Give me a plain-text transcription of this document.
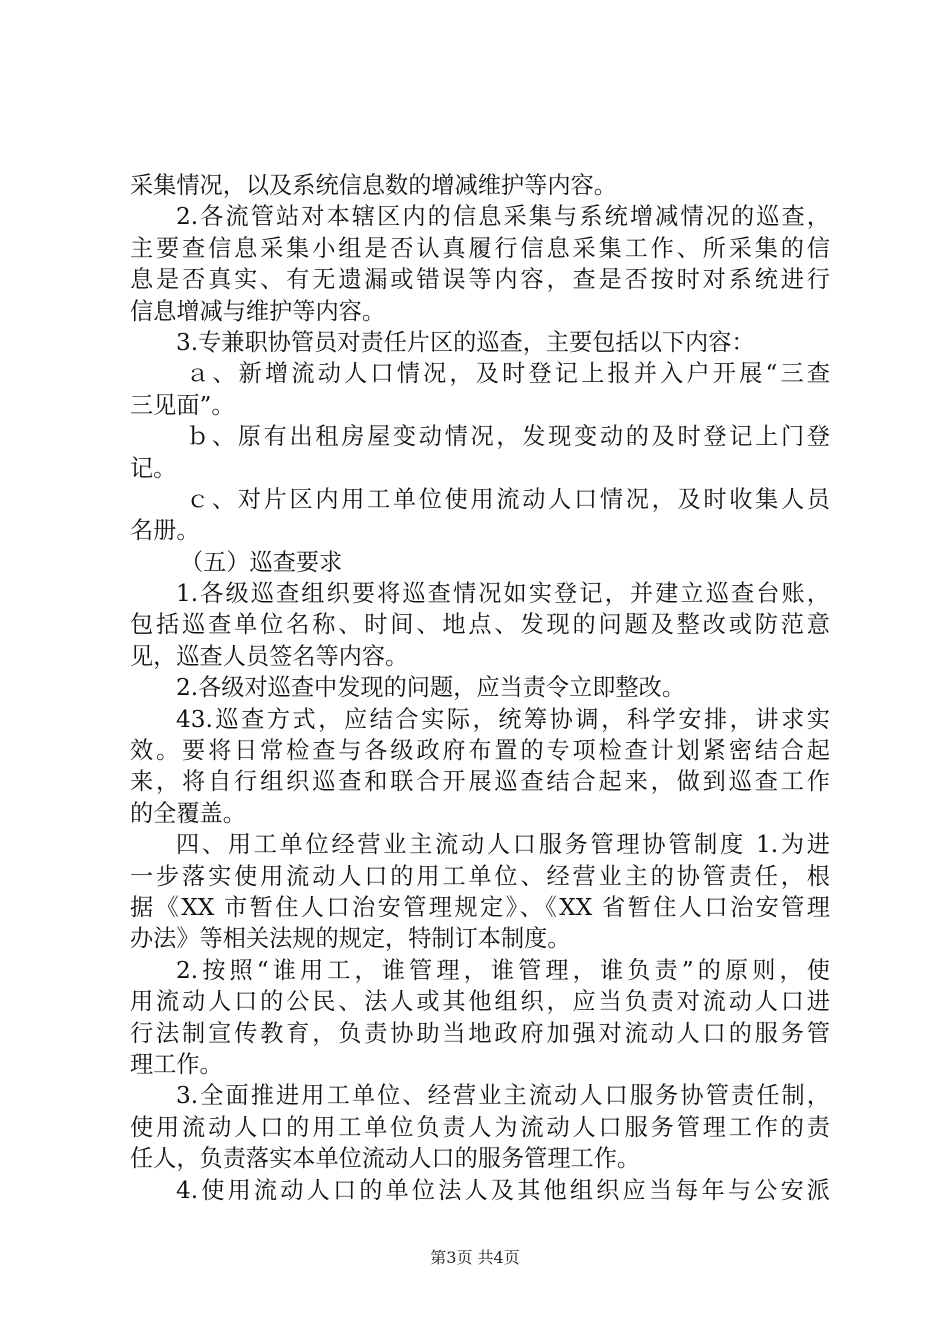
采集情况，以及系统信息数的增减维护等内容。
2.各流管站对本辖区内的信息采集与系统增减情况的巡查，
主要查信息采集小组是否认真履行信息采集工作、所采集的信
息是否真实、有无遗漏或错误等内容，查是否按时对系统进行
信息增减与维护等内容。
3.专兼职协管员对责任片区的巡查，主要包括以下内容：
ａ、新增流动人口情况，及时登记上报并入户开展“三查
三见面”。
ｂ、原有出租房屋变动情况，发现变动的及时登记上门登
记。
ｃ、对片区内用工单位使用流动人口情况，及时收集人员
名册。
（五）巡查要求
1.各级巡查组织要将巡查情况如实登记，并建立巡查台账，
包括巡查单位名称、时间、地点、发现的问题及整改或防范意
见，巡查人员签名等内容。
2.各级对巡查中发现的问题，应当责令立即整改。
43.巡查方式，应结合实际，统筹协调，科学安排，讲求实
效。要将日常检查与各级政府布置的专项检查计划紧密结合起
来，将自行组织巡查和联合开展巡查结合起来，做到巡查工作
的全覆盖。
四、用工单位经营业主流动人口服务管理协管制度 1.为进
一步落实使用流动人口的用工单位、经营业主的协管责任，根
据《XX 市暂住人口治安管理规定》、《XX 省暂住人口治安管理
办法》等相关法规的规定，特制订本制度。
2.按照“谁用工，谁管理，谁管理，谁负责”的原则，使
用流动人口的公民、法人或其他组织，应当负责对流动人口进
行法制宣传教育，负责协助当地政府加强对流动人口的服务管
理工作。
3.全面推进用工单位、经营业主流动人口服务协管责任制，
使用流动人口的用工单位负责人为流动人口服务管理工作的责
任人，负责落实本单位流动人口的服务管理工作。
4.使用流动人口的单位法人及其他组织应当每年与公安派
第3页 共4页
